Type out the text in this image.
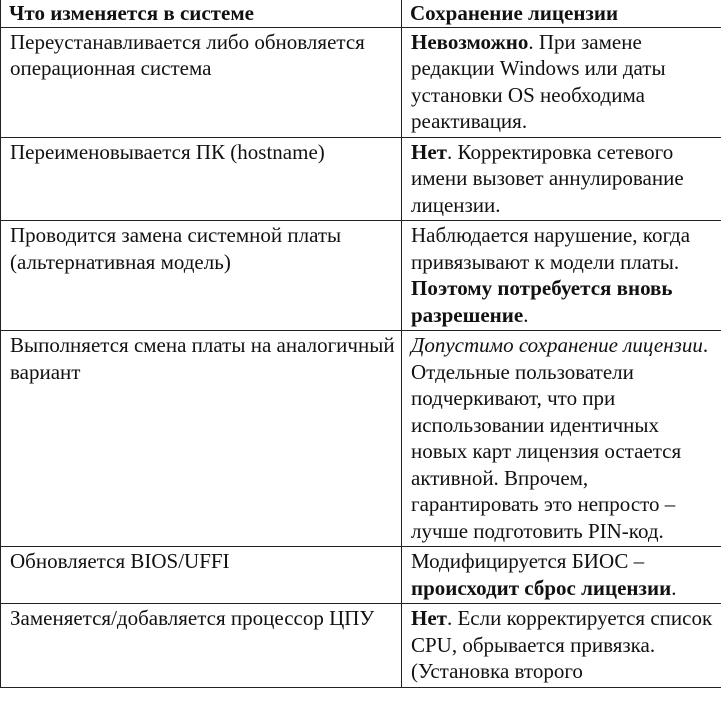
Что изменяется в системе	Сохранение лицензии
Переустанавливается либо обновляется операционная система	Невозможно. При замене редакции Windows или даты установки OS необходима реактивация.
Переименовывается ПК (hostname)	Нет. Корректировка сетевого имени вызовет аннулирование лицензии.
Проводится замена системной платы (альтернативная модель)	Наблюдается нарушение, когда привязывают к модели платы. Поэтому потребуется вновь разрешение.
Выполняется смена платы на аналогичный вариант	Допустимо сохранение лицензии. Отдельные пользователи подчеркивают, что при использовании идентичных новых карт лицензия остается активной. Впрочем, гарантировать это непросто – лучше подготовить PIN-код.
Обновляется BIOS/UFFI	Модифицируется БИОС – происходит сброс лицензии.
Заменяется/добавляется процессор ЦПУ	Нет. Если корректируется список CPU, обрывается привязка. (Установка второго
